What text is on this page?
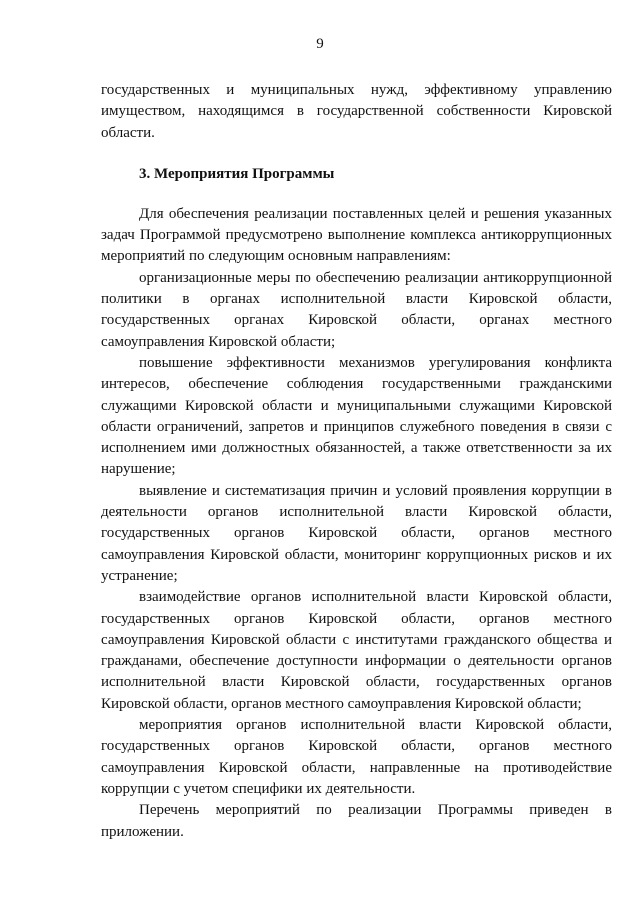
9

государственных и муниципальных нужд, эффективному управлению имуществом, находящимся в государственной собственности Кировской области.

3. Мероприятия Программы

Для обеспечения реализации поставленных целей и решения указанных задач Программой предусмотрено выполнение комплекса антикоррупционных мероприятий по следующим основным направлениям:

организационные меры по обеспечению реализации антикоррупционной политики в органах исполнительной власти Кировской области, государственных органах Кировской области, органах местного самоуправления Кировской области;

повышение эффективности механизмов урегулирования конфликта интересов, обеспечение соблюдения государственными гражданскими служащими Кировской области и муниципальными служащими Кировской области ограничений, запретов и принципов служебного поведения в связи с исполнением ими должностных обязанностей, а также ответственности за их нарушение;

выявление и систематизация причин и условий проявления коррупции в деятельности органов исполнительной власти Кировской области, государственных органов Кировской области, органов местного самоуправления Кировской области, мониторинг коррупционных рисков и их устранение;

взаимодействие органов исполнительной власти Кировской области, государственных органов Кировской области, органов местного самоуправления Кировской области с институтами гражданского общества и гражданами, обеспечение доступности информации о деятельности органов исполнительной власти Кировской области, государственных органов Кировской области, органов местного самоуправления Кировской области;

мероприятия органов исполнительной власти Кировской области, государственных органов Кировской области, органов местного самоуправления Кировской области, направленные на противодействие коррупции с учетом специфики их деятельности.

Перечень мероприятий по реализации Программы приведен в приложении.
